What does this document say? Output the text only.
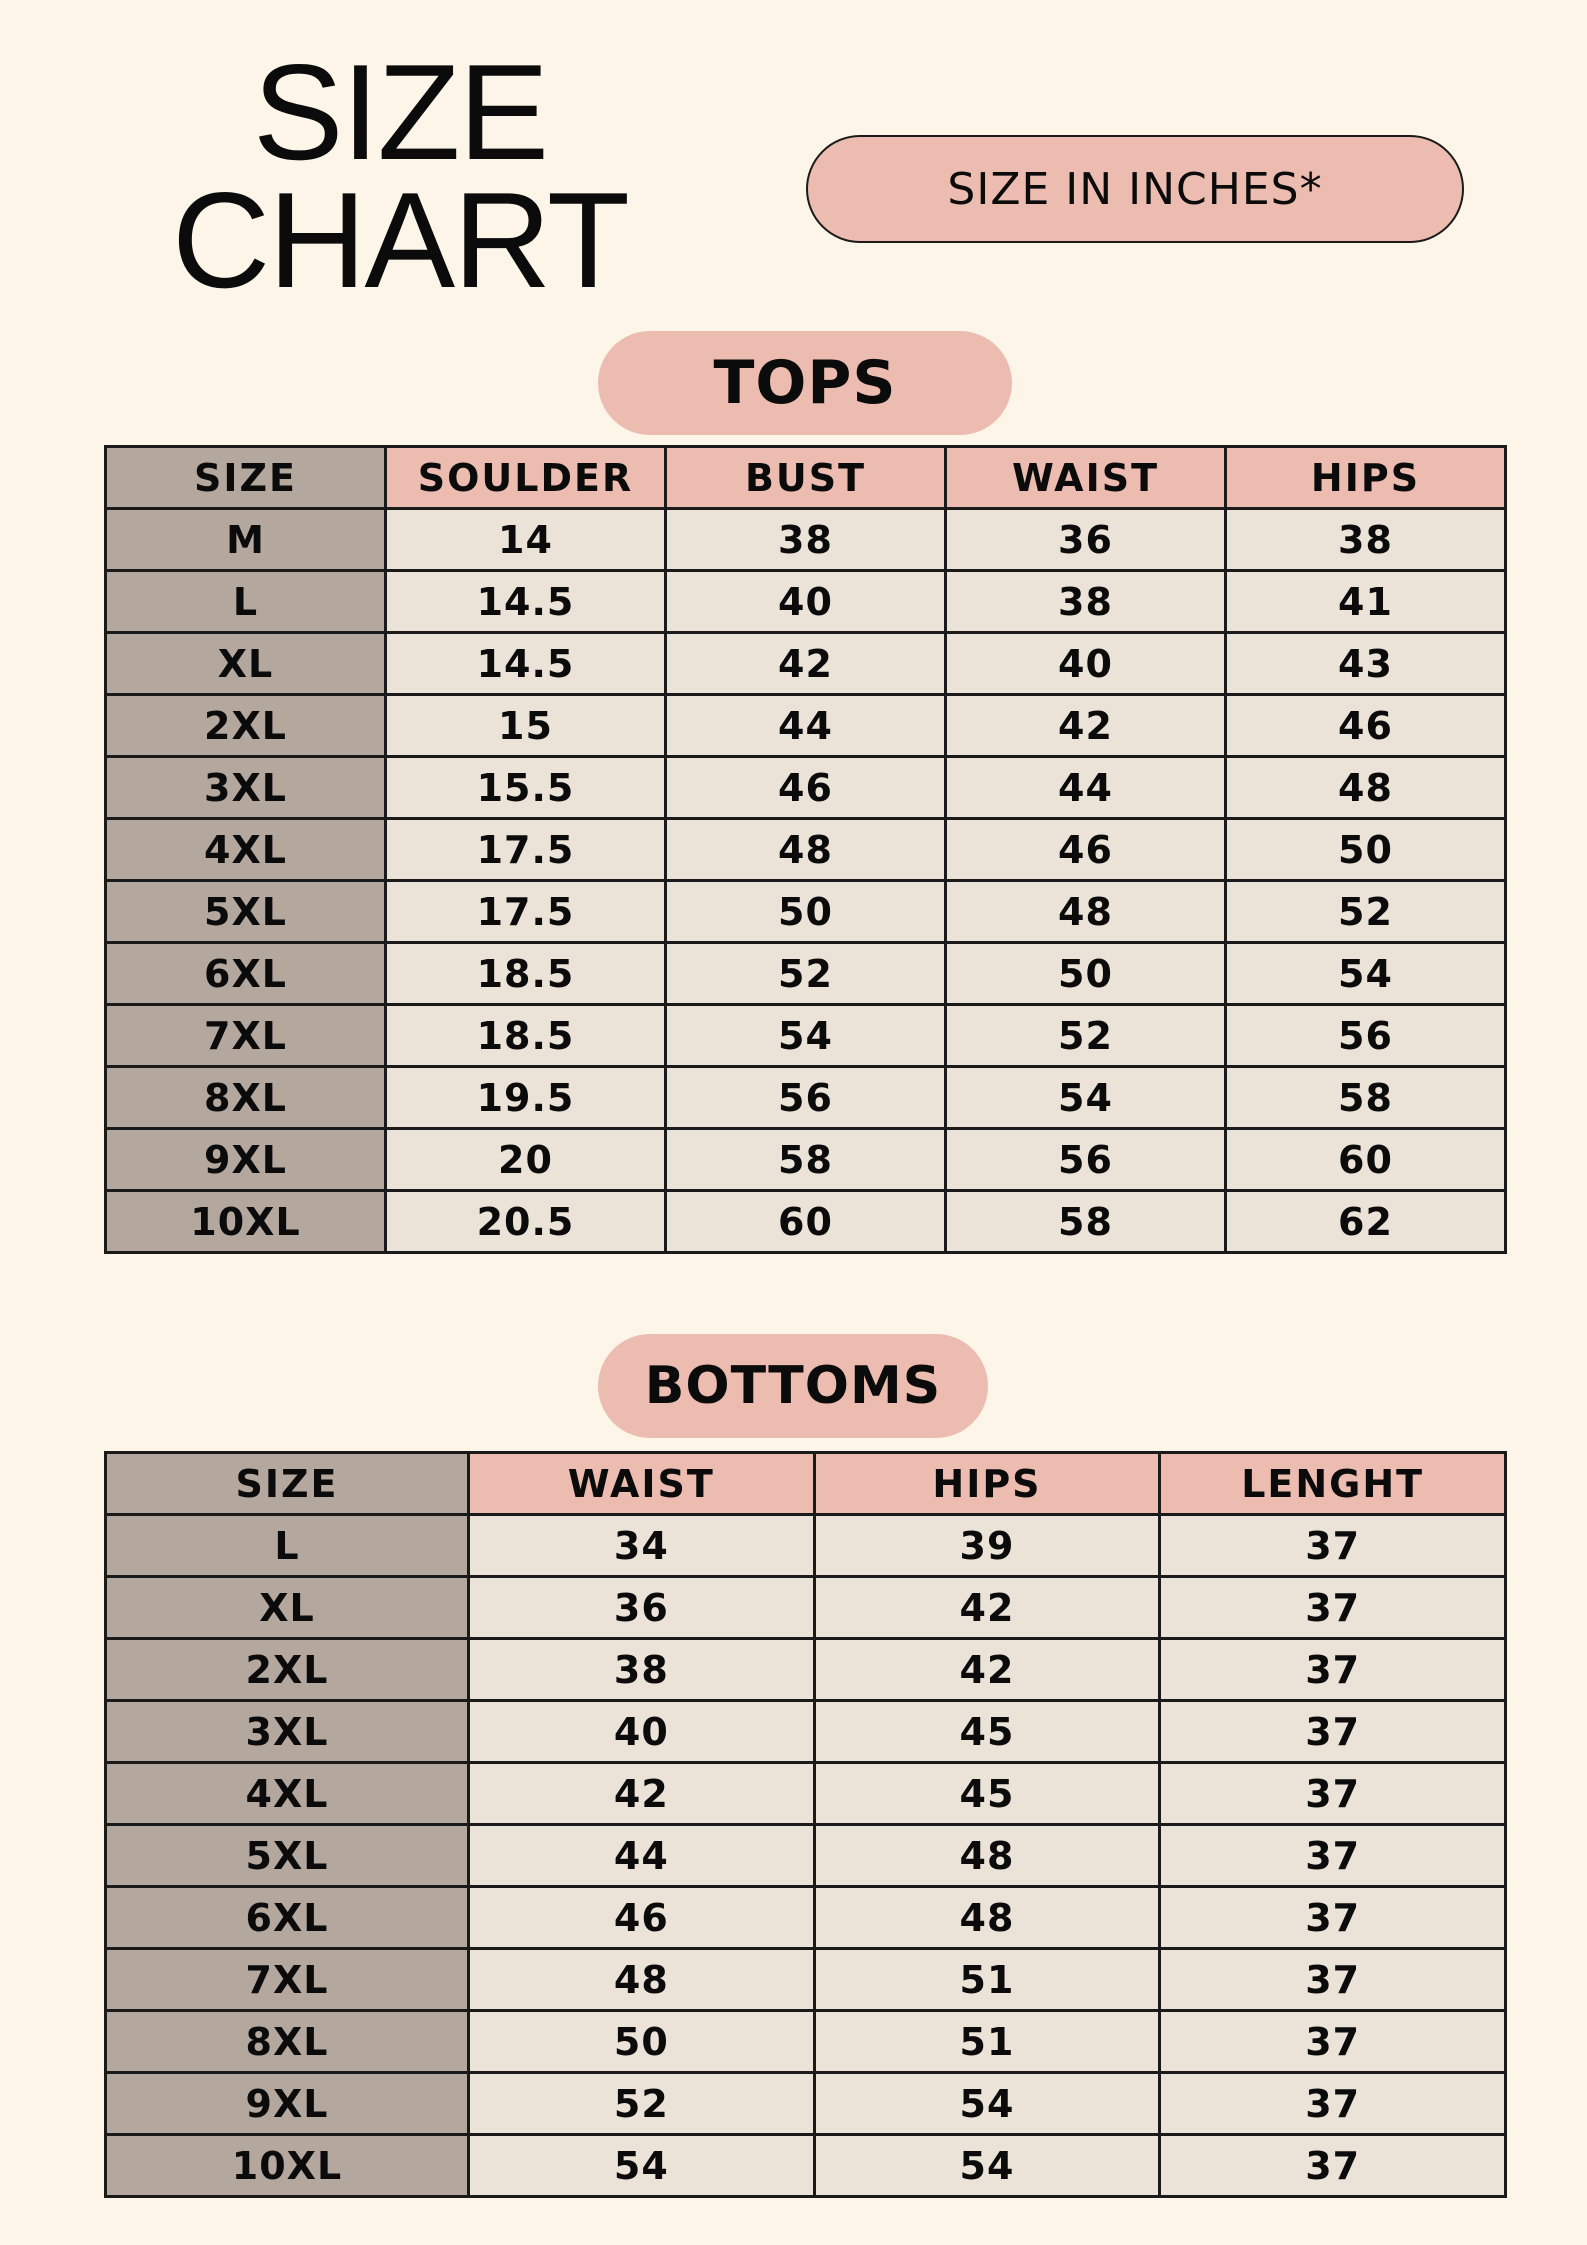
SIZE
CHART	SIZE IN INCHES*
TOPS
SIZE	SOULDER	BUST	WAIST	HIPS
M	14	38	36	38
L	14.5	40	38	41
XL	14.5	42	40	43
2XL	15	44	42	46
3XL	15.5	46	44	48
4XL	17.5	48	46	50
5XL	17.5	50	48	52
6XL	18.5	52	50	54
7XL	18.5	54	52	56
8XL	19.5	56	54	58
9XL	20	58	56	60
10XL	20.5	60	58	62
BOTTOMS
SIZE	WAIST	HIPS	LENGHT
L	34	39	37
XL	36	42	37
2XL	38	42	37
3XL	40	45	37
4XL	42	45	37
5XL	44	48	37
6XL	46	48	37
7XL	48	51	37
8XL	50	51	37
9XL	52	54	37
10XL	54	54	37
